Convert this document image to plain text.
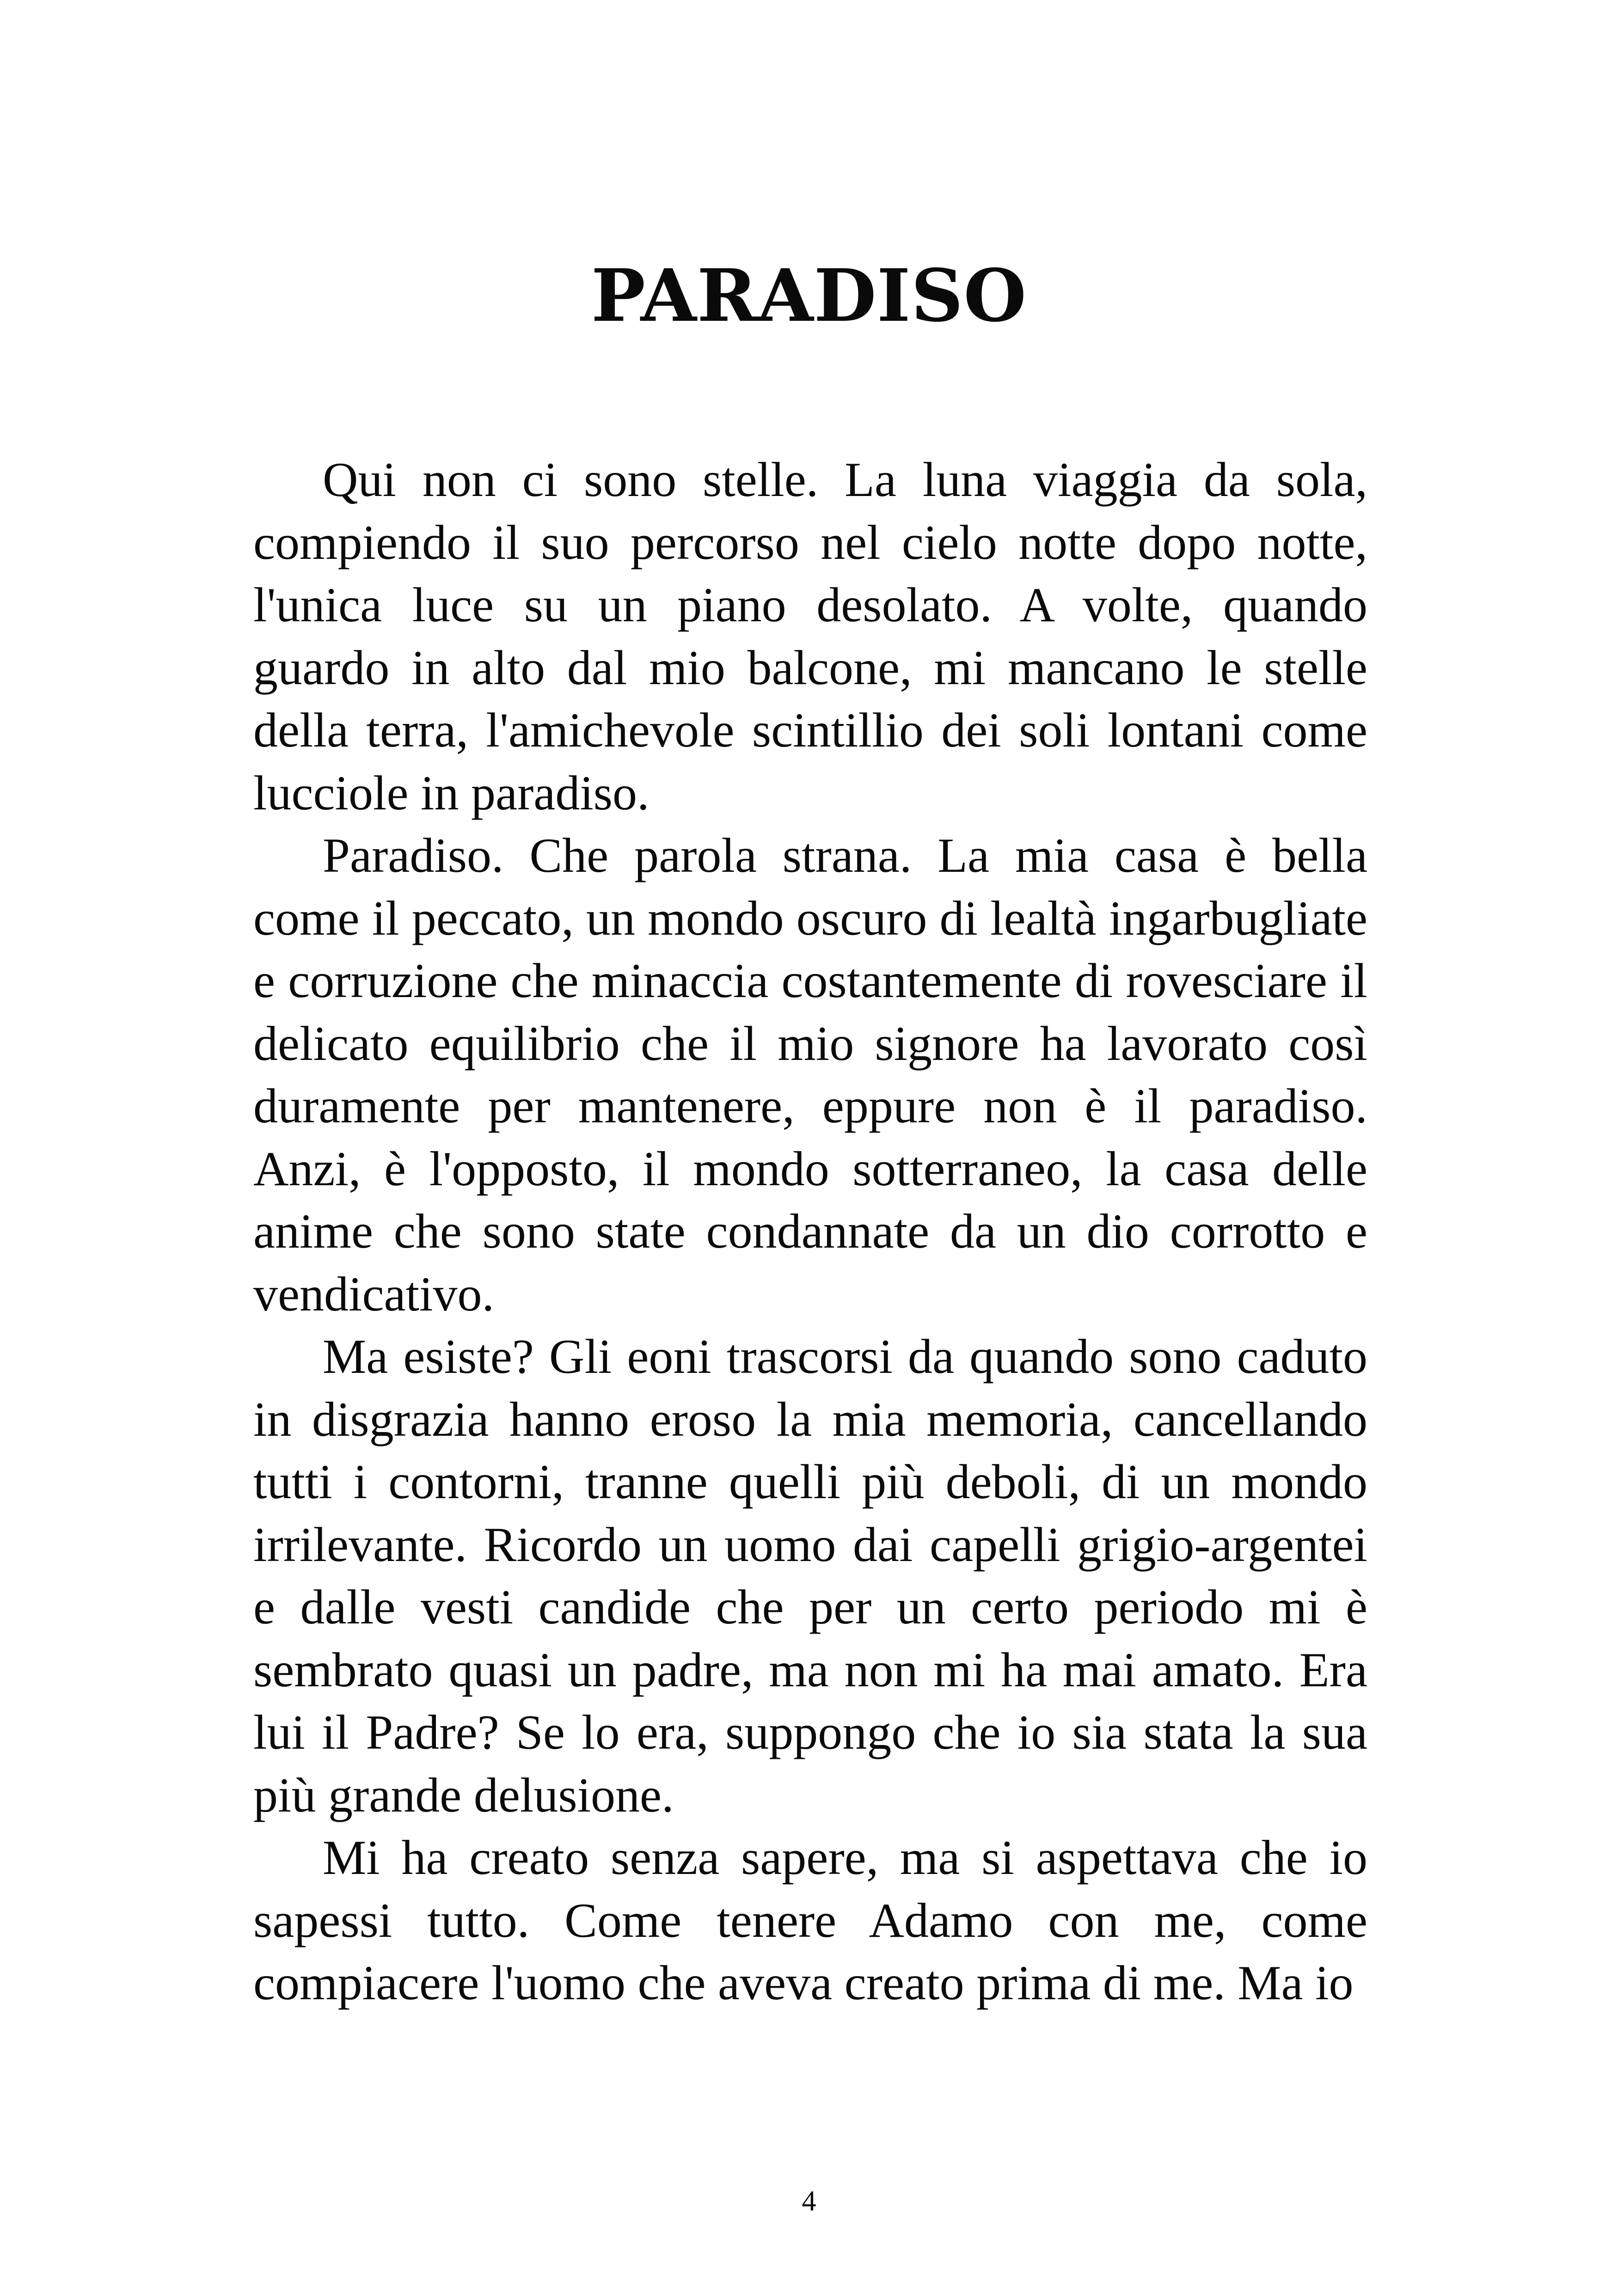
PARADISO

Qui non ci sono stelle. La luna viaggia da sola, compiendo il suo percorso nel cielo notte dopo notte, l'unica luce su un piano desolato. A volte, quando guardo in alto dal mio balcone, mi mancano le stelle della terra, l'amichevole scintillio dei soli lontani come lucciole in paradiso.

Paradiso. Che parola strana. La mia casa è bella come il peccato, un mondo oscuro di lealtà ingarbugliate e corruzione che minaccia costantemente di rovesciare il delicato equilibrio che il mio signore ha lavorato così duramente per mantenere, eppure non è il paradiso. Anzi, è l'opposto, il mondo sotterraneo, la casa delle anime che sono state condannate da un dio corrotto e vendicativo.

Ma esiste? Gli eoni trascorsi da quando sono caduto in disgrazia hanno eroso la mia memoria, cancellando tutti i contorni, tranne quelli più deboli, di un mondo irrilevante. Ricordo un uomo dai capelli grigio-argentei e dalle vesti candide che per un certo periodo mi è sembrato quasi un padre, ma non mi ha mai amato. Era lui il Padre? Se lo era, suppongo che io sia stata la sua più grande delusione.

Mi ha creato senza sapere, ma si aspettava che io sapessi tutto. Come tenere Adamo con me, come compiacere l'uomo che aveva creato prima di me. Ma io

4
